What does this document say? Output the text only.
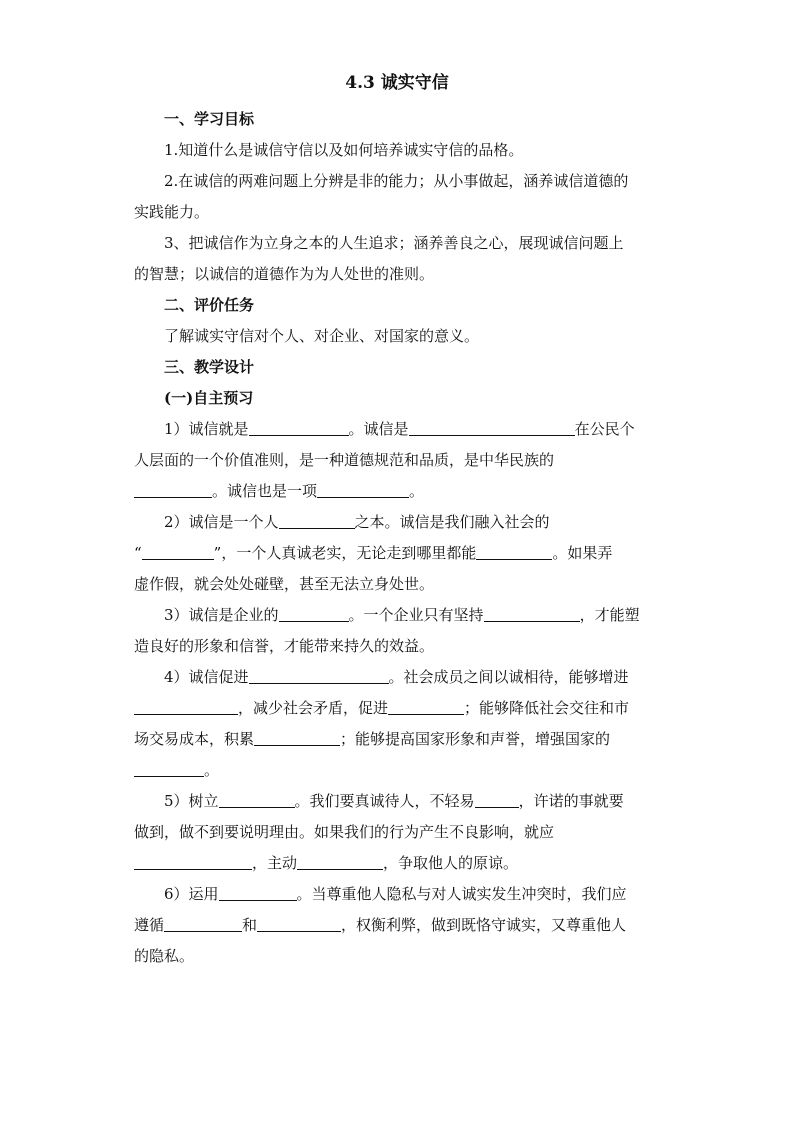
4.3 诚实守信
一、学习目标
1.知道什么是诚信守信以及如何培养诚实守信的品格。
2.在诚信的两难问题上分辨是非的能力；从小事做起，涵养诚信道德的
实践能力。
3、把诚信作为立身之本的人生追求；涵养善良之心，展现诚信问题上
的智慧；以诚信的道德作为为人处世的准则。
二、评价任务
了解诚实守信对个人、对企业、对国家的意义。
三、教学设计
(一)自主预习
1）诚信就是	。诚信是	在公民个
人层面的一个价值准则，是一种道德规范和品质，是中华民族的
。诚信也是一项	。
2）诚信是一个人	之本。诚信是我们融入社会的
“	”，一个人真诚老实，无论走到哪里都能	。如果弄
虚作假，就会处处碰壁，甚至无法立身处世。
3）诚信是企业的	。一个企业只有坚持	，才能塑
造良好的形象和信誉，才能带来持久的效益。
4）诚信促进	。社会成员之间以诚相待，能够增进
，减少社会矛盾，促进	；能够降低社会交往和市
场交易成本，积累	；能够提高国家形象和声誉，增强国家的
。
5）树立	。我们要真诚待人，不轻易	，许诺的事就要
做到，做不到要说明理由。如果我们的行为产生不良影响，就应
，主动	，争取他人的原谅。
6）运用	。当尊重他人隐私与对人诚实发生冲突时，我们应
遵循	和	，权衡利弊，做到既恪守诚实，又尊重他人
的隐私。
